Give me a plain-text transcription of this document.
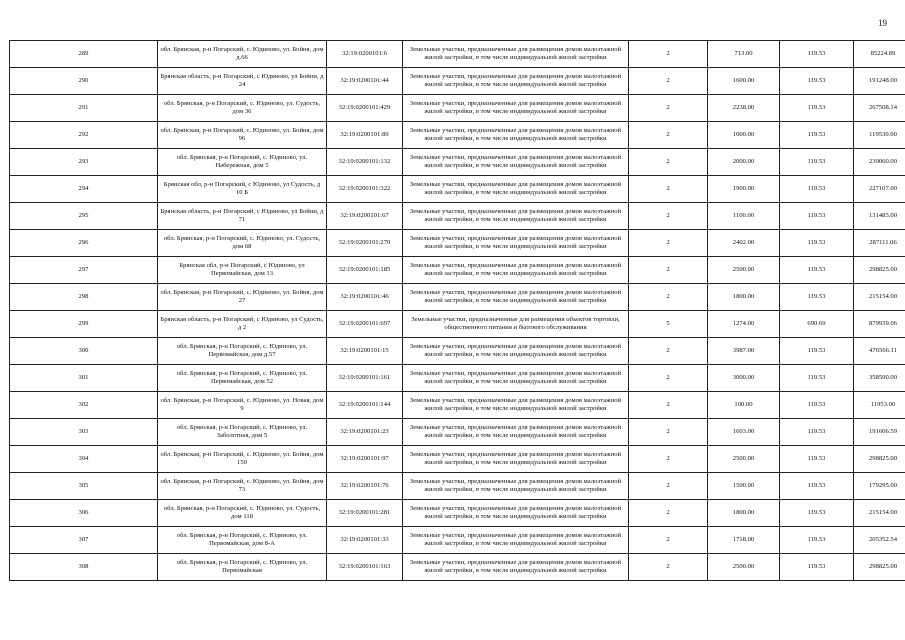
19
289	обл. Брянская, р-н Погарский, с. Юдиново, ул. Бойня, дом д.66	32:19:0200101:6	Земельные участки, предназначенные для размещения домов малоэтажной жилой застройки, в том числе индивидуальной жилой застройки	2	713.00	119.53	85224.89
290	Брянская область, р-н Погарский, с Юдиново, ул Бойни, д 24	32:19:0200101:44	Земельные участки, предназначенные для размещения домов малоэтажной жилой застройки, в том числе индивидуальной жилой застройки	2	1600.00	119.53	191248.00
291	обл. Брянская, р-н Погарский, с. Юдиново, ул. Судость, дом 36	32:19:0200101:429	Земельные участки, предназначенные для размещения домов малоэтажной жилой застройки, в том числе индивидуальной жилой застройки	2	2238.00	119.53	267508.14
292	обл. Брянская, р-н Погарский, с. Юдиново, ул. Бойня, дом 96	32:19:0200101:89	Земельные участки, предназначенные для размещения домов малоэтажной жилой застройки, в том числе индивидуальной жилой застройки	2	1000.00	119.53	119530.00
293	обл. Брянская, р-н Погарский, с. Юдиново, ул. Набережная, дом 5	32:19:0200101:132	Земельные участки, предназначенные для размещения домов малоэтажной жилой застройки, в том числе индивидуальной жилой застройки	2	2000.00	119.53	239060.00
294	Брянская обл, р-н Погарский, с Юдиново, ул Судость, д 10 Б	32:19:0200101:322	Земельные участки, предназначенные для размещения домов малоэтажной жилой застройки, в том числе индивидуальной жилой застройки	2	1900.00	119.53	227107.00
295	Брянская область, р-н Погарский, с Юдиново, ул Бойни, д 71	32:19:0200101:67	Земельные участки, предназначенные для размещения домов малоэтажной жилой застройки, в том числе индивидуальной жилой застройки	2	1100.00	119.53	131483.00
296	обл. Брянская, р-н Погарский, с. Юдиново, ул. Судость, дом 68	32:19:0200101:270	Земельные участки, предназначенные для размещения домов малоэтажной жилой застройки, в том числе индивидуальной жилой застройки	2	2402.00	119.53	287111.06
297	Брянская обл, р-н Погарский, с Юдиново, ул Первомайская, дом 13	32:19:0200101:185	Земельные участки, предназначенные для размещения домов малоэтажной жилой застройки, в том числе индивидуальной жилой застройки	2	2500.00	119.53	298825.00
298	обл. Брянская, р-н Погарский, с. Юдиново, ул. Бойня, дом 27	32:19:0200101:46	Земельные участки, предназначенные для размещения домов малоэтажной жилой застройки, в том числе индивидуальной жилой застройки	2	1800.00	119.53	215154.00
299	Брянская область, р-н Погарский, с Юдиново, ул Судость, д 2	32:19:0200101:697	Земельные участки, предназначенные для размещения объектов торговли, общественного питания и бытового обслуживания	5	1274.00	690.69	879939.06
300	обл. Брянская, р-н Погарский, с. Юдиново, ул. Первомайская, дом д.57	32:19:0200101:15	Земельные участки, предназначенные для размещения домов малоэтажной жилой застройки, в том числе индивидуальной жилой застройки	2	3987.00	119.53	476566.11
301	обл. Брянская, р-н Погарский, с. Юдиново, ул. Первомайская, дом 52	32:19:0200101:161	Земельные участки, предназначенные для размещения домов малоэтажной жилой застройки, в том числе индивидуальной жилой застройки	2	3000.00	119.53	358590.00
302	обл. Брянская, р-н Погарский, с. Юдиново, ул. Новая, дом 9	32:19:0200101:144	Земельные участки, предназначенные для размещения домов малоэтажной жилой застройки, в том числе индивидуальной жилой застройки	2	100.00	119.53	11953.00
303	обл. Брянская, р-н Погарский, с. Юдиново, ул. Заболотная, дом 5	32:19:0200101:23	Земельные участки, предназначенные для размещения домов малоэтажной жилой застройки, в том числе индивидуальной жилой застройки	2	1603.00	119.53	191606.59
304	обл. Брянская, р-н Погарский, с. Юдиново, ул. Бойня, дом 150	32:19:0200101:97	Земельные участки, предназначенные для размещения домов малоэтажной жилой застройки, в том числе индивидуальной жилой застройки	2	2500.00	119.53	298825.00
305	обл. Брянская, р-н Погарский, с. Юдиново, ул. Бойня, дом 73	32:19:0200101:76	Земельные участки, предназначенные для размещения домов малоэтажной жилой застройки, в том числе индивидуальной жилой застройки	2	1500.00	119.53	179295.00
306	обл. Брянская, р-н Погарский, с. Юдиново, ул. Судость, дом 118	32:19:0200101:281	Земельные участки, предназначенные для размещения домов малоэтажной жилой застройки, в том числе индивидуальной жилой застройки	2	1800.00	119.53	215154.00
307	обл. Брянская, р-н Погарский, с. Юдиново, ул. Первомайская, дом 8-А	32:19:0200101:33	Земельные участки, предназначенные для размещения домов малоэтажной жилой застройки, в том числе индивидуальной жилой застройки	2	1718.00	119.53	205352.54
308	обл. Брянская, р-н Погарский, с. Юдиново, ул. Первомайская	32:19:0200101:163	Земельные участки, предназначенные для размещения домов малоэтажной жилой застройки, в том числе индивидуальной жилой застройки	2	2500.00	119.53	298825.00
